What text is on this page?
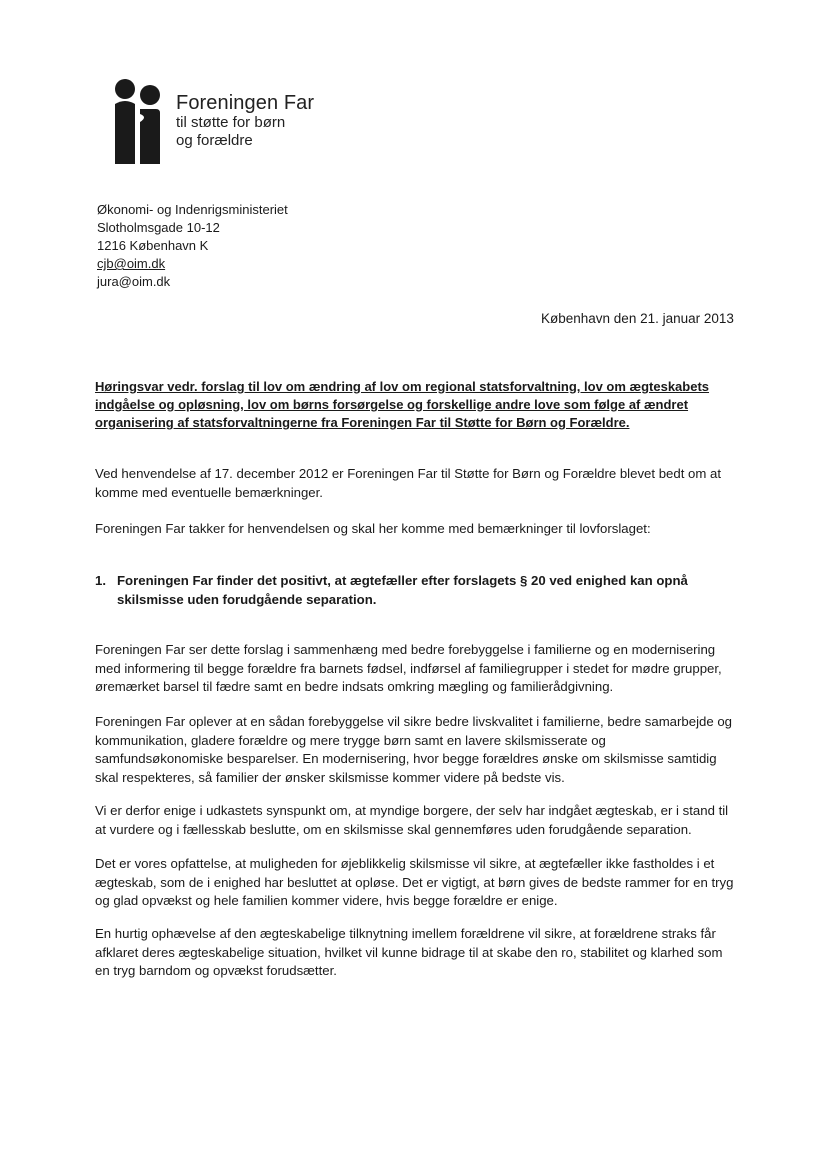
Foreningen Far
til støtte for børn
og forældre
Økonomi- og Indenrigsministeriet
Slotholmsgade 10-12
1216 København K
cjb@oim.dk
jura@oim.dk
København den 21. januar 2013
Høringsvar vedr. forslag til lov om ændring af lov om regional statsforvaltning, lov om ægteskabets indgåelse og opløsning, lov om børns forsørgelse og forskellige andre love som følge af ændret organisering af statsforvaltningerne fra Foreningen Far til Støtte for Børn og Forældre.
Ved henvendelse af 17. december 2012 er Foreningen Far til Støtte for Børn og Forældre blevet bedt om at komme med eventuelle bemærkninger.
Foreningen Far takker for henvendelsen og skal her komme med bemærkninger til lovforslaget:
1. Foreningen Far finder det positivt, at ægtefæller efter forslagets § 20 ved enighed kan opnå skilsmisse uden forudgående separation.
Foreningen Far ser dette forslag i sammenhæng med bedre forebyggelse i familierne og en modernisering med informering til begge forældre fra barnets fødsel, indførsel af familiegrupper i stedet for mødre grupper, øremærket barsel til fædre samt en bedre indsats omkring mægling og familierådgivning.
Foreningen Far oplever at en sådan forebyggelse vil sikre bedre livskvalitet i familierne, bedre samarbejde og kommunikation, gladere forældre og mere trygge børn samt en lavere skilsmisserate og samfundsøkonomiske besparelser. En modernisering, hvor begge forældres ønske om skilsmisse samtidig skal respekteres, så familier der ønsker skilsmisse kommer videre på bedste vis.
Vi er derfor enige i udkastets synspunkt om, at myndige borgere, der selv har indgået ægteskab, er i stand til at vurdere og i fællesskab beslutte, om en skilsmisse skal gennemføres uden forudgående separation.
Det er vores opfattelse, at muligheden for øjeblikkelig skilsmisse vil sikre, at ægtefæller ikke fastholdes i et ægteskab, som de i enighed har besluttet at opløse. Det er vigtigt, at børn gives de bedste rammer for en tryg og glad opvækst og hele familien kommer videre, hvis begge forældre er enige.
En hurtig ophævelse af den ægteskabelige tilknytning imellem forældrene vil sikre, at forældrene straks får afklaret deres ægteskabelige situation, hvilket vil kunne bidrage til at skabe den ro, stabilitet og klarhed som en tryg barndom og opvækst forudsætter.
